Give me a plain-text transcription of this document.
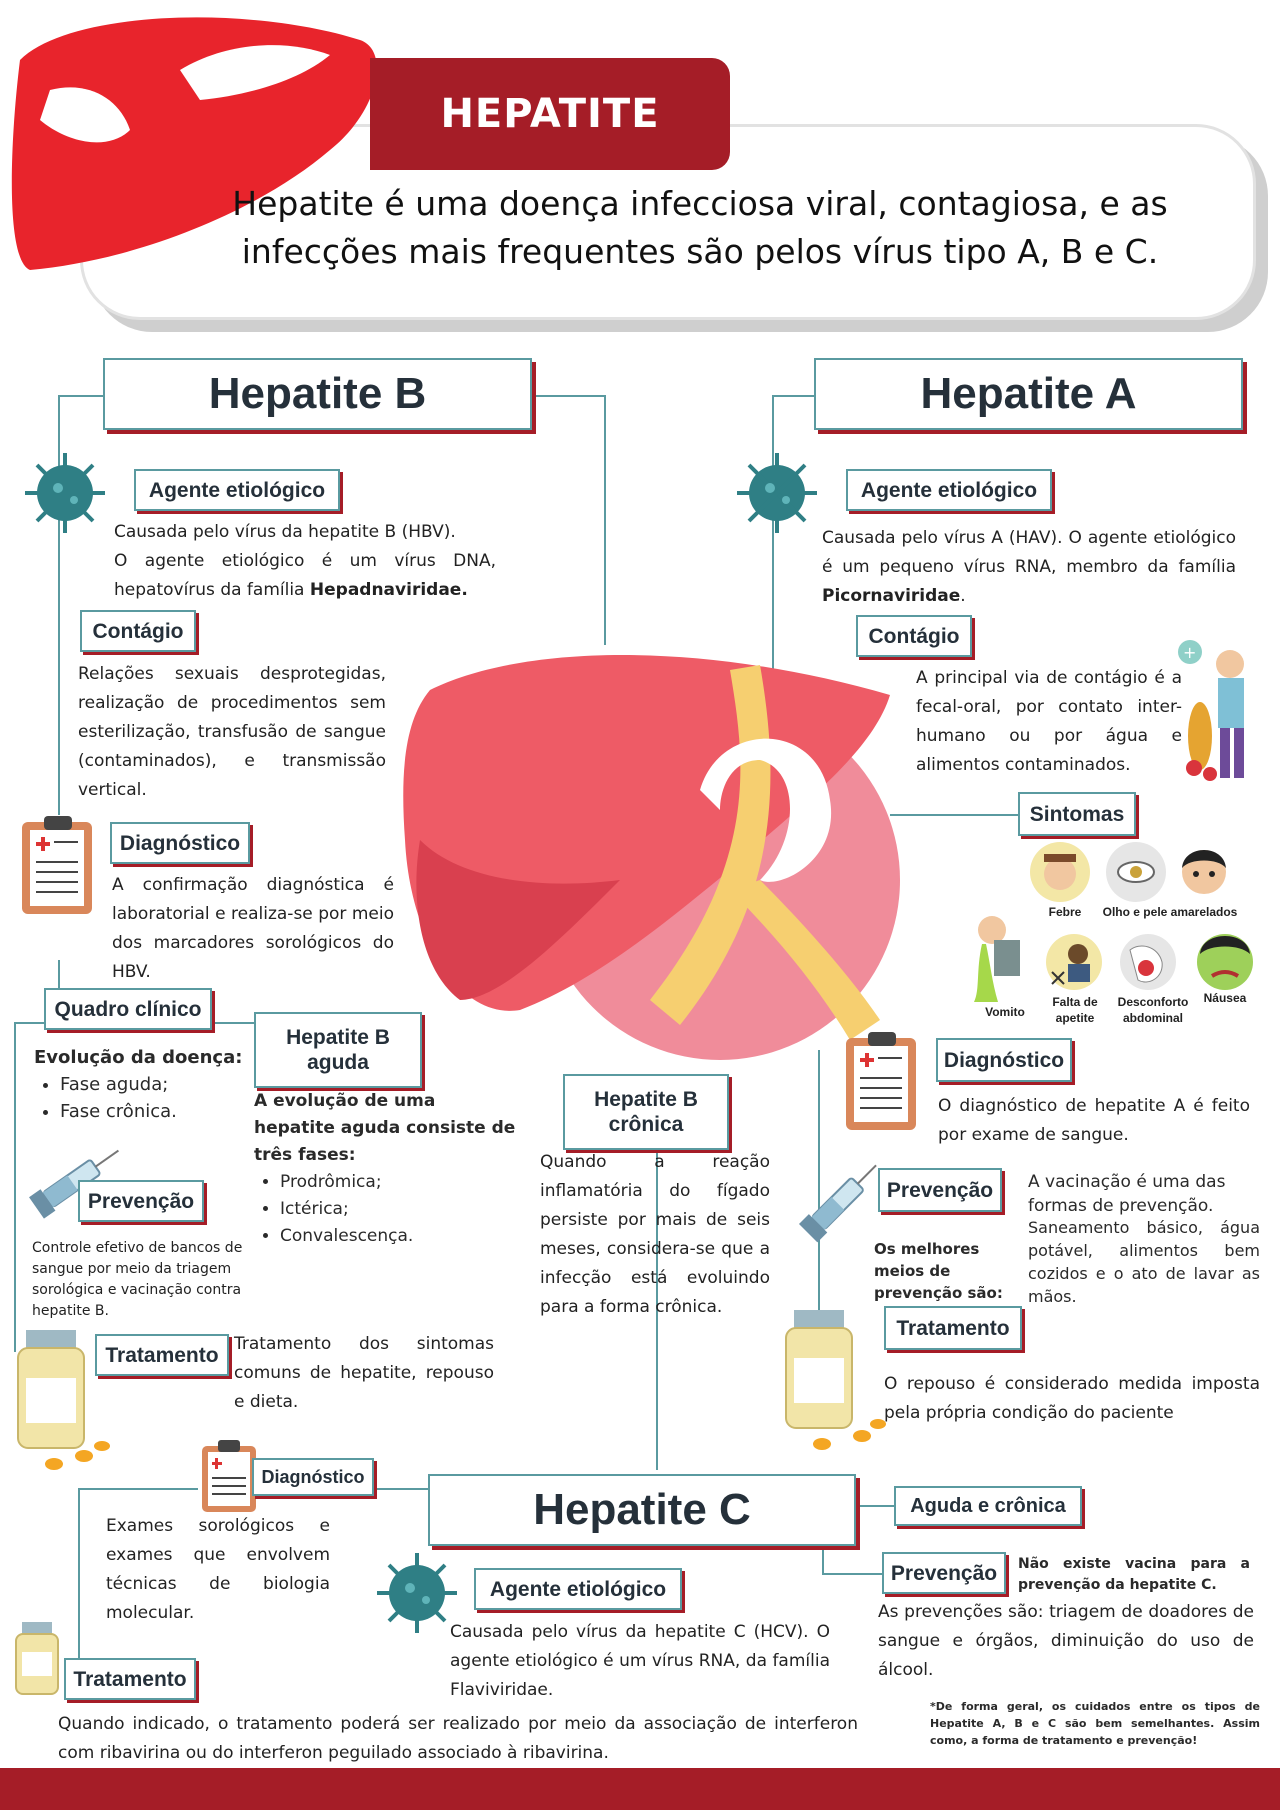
HEPATITE
Hepatite é uma doença infecciosa viral, contagiosa, e as
infecções mais frequentes são pelos vírus tipo A, B e C.
Hepatite B
Agente etiológico
Causada pelo vírus da hepatite B (HBV).
O agente etiológico é um vírus DNA, hepatovírus da família Hepadnaviridae.
Contágio
Relações sexuais desprotegidas, realização de procedimentos sem esterilização, transfusão de sangue (contaminados), e transmissão vertical.
Diagnóstico
A confirmação diagnóstica é laboratorial e realiza-se por meio dos marcadores sorológicos do HBV.
Quadro clínico
Evolução da doença:
• Fase aguda;
• Fase crônica.
Hepatite B aguda
A evolução de uma hepatite aguda consiste de três fases:
• Prodrômica;
• Ictérica;
• Convalescença.
Hepatite B crônica
Quando a reação inflamatória do fígado persiste por mais de seis meses, considera-se que a infecção está evoluindo para a forma crônica.
Prevenção
Controle efetivo de bancos de sangue por meio da triagem sorológica e vacinação contra hepatite B.
Tratamento Tratamento dos sintomas comuns de hepatite, repouso e dieta.
Hepatite A
Agente etiológico
Causada pelo vírus A (HAV). O agente etiológico é um pequeno vírus RNA, membro da família Picornaviridae.
Contágio
A principal via de contágio é a fecal-oral, por contato inter-humano ou por água e alimentos contaminados.
+
Sintomas
Febre	Olho e pele amarelados
Vomito
Falta de apetite
Desconforto abdominal
Náusea
Diagnóstico
O diagnóstico de hepatite A é feito por exame de sangue.
Prevenção	A vacinação é uma das formas de prevenção.
Os melhores meios de prevenção são:
Saneamento básico, água potável, alimentos bem cozidos e o ato de lavar as mãos.
Tratamento
O repouso é considerado medida imposta pela própria condição do paciente
Hepatite C
Diagnóstico
Exames sorológicos e exames que envolvem técnicas de biologia molecular.
Agente etiológico
Causada pelo vírus da hepatite C (HCV). O agente etiológico é um vírus RNA, da família Flaviviridae.
Aguda e crônica
Prevenção	Não existe vacina para a prevenção da hepatite C.
As prevenções são: triagem de doadores de sangue e órgãos, diminuição do uso de álcool.
Tratamento
Quando indicado, o tratamento poderá ser realizado por meio da associação de interferon com ribavirina ou do interferon peguilado associado à ribavirina.
*De forma geral, os cuidados entre os tipos de Hepatite A, B e C são bem semelhantes. Assim como, a forma de tratamento e prevenção!
